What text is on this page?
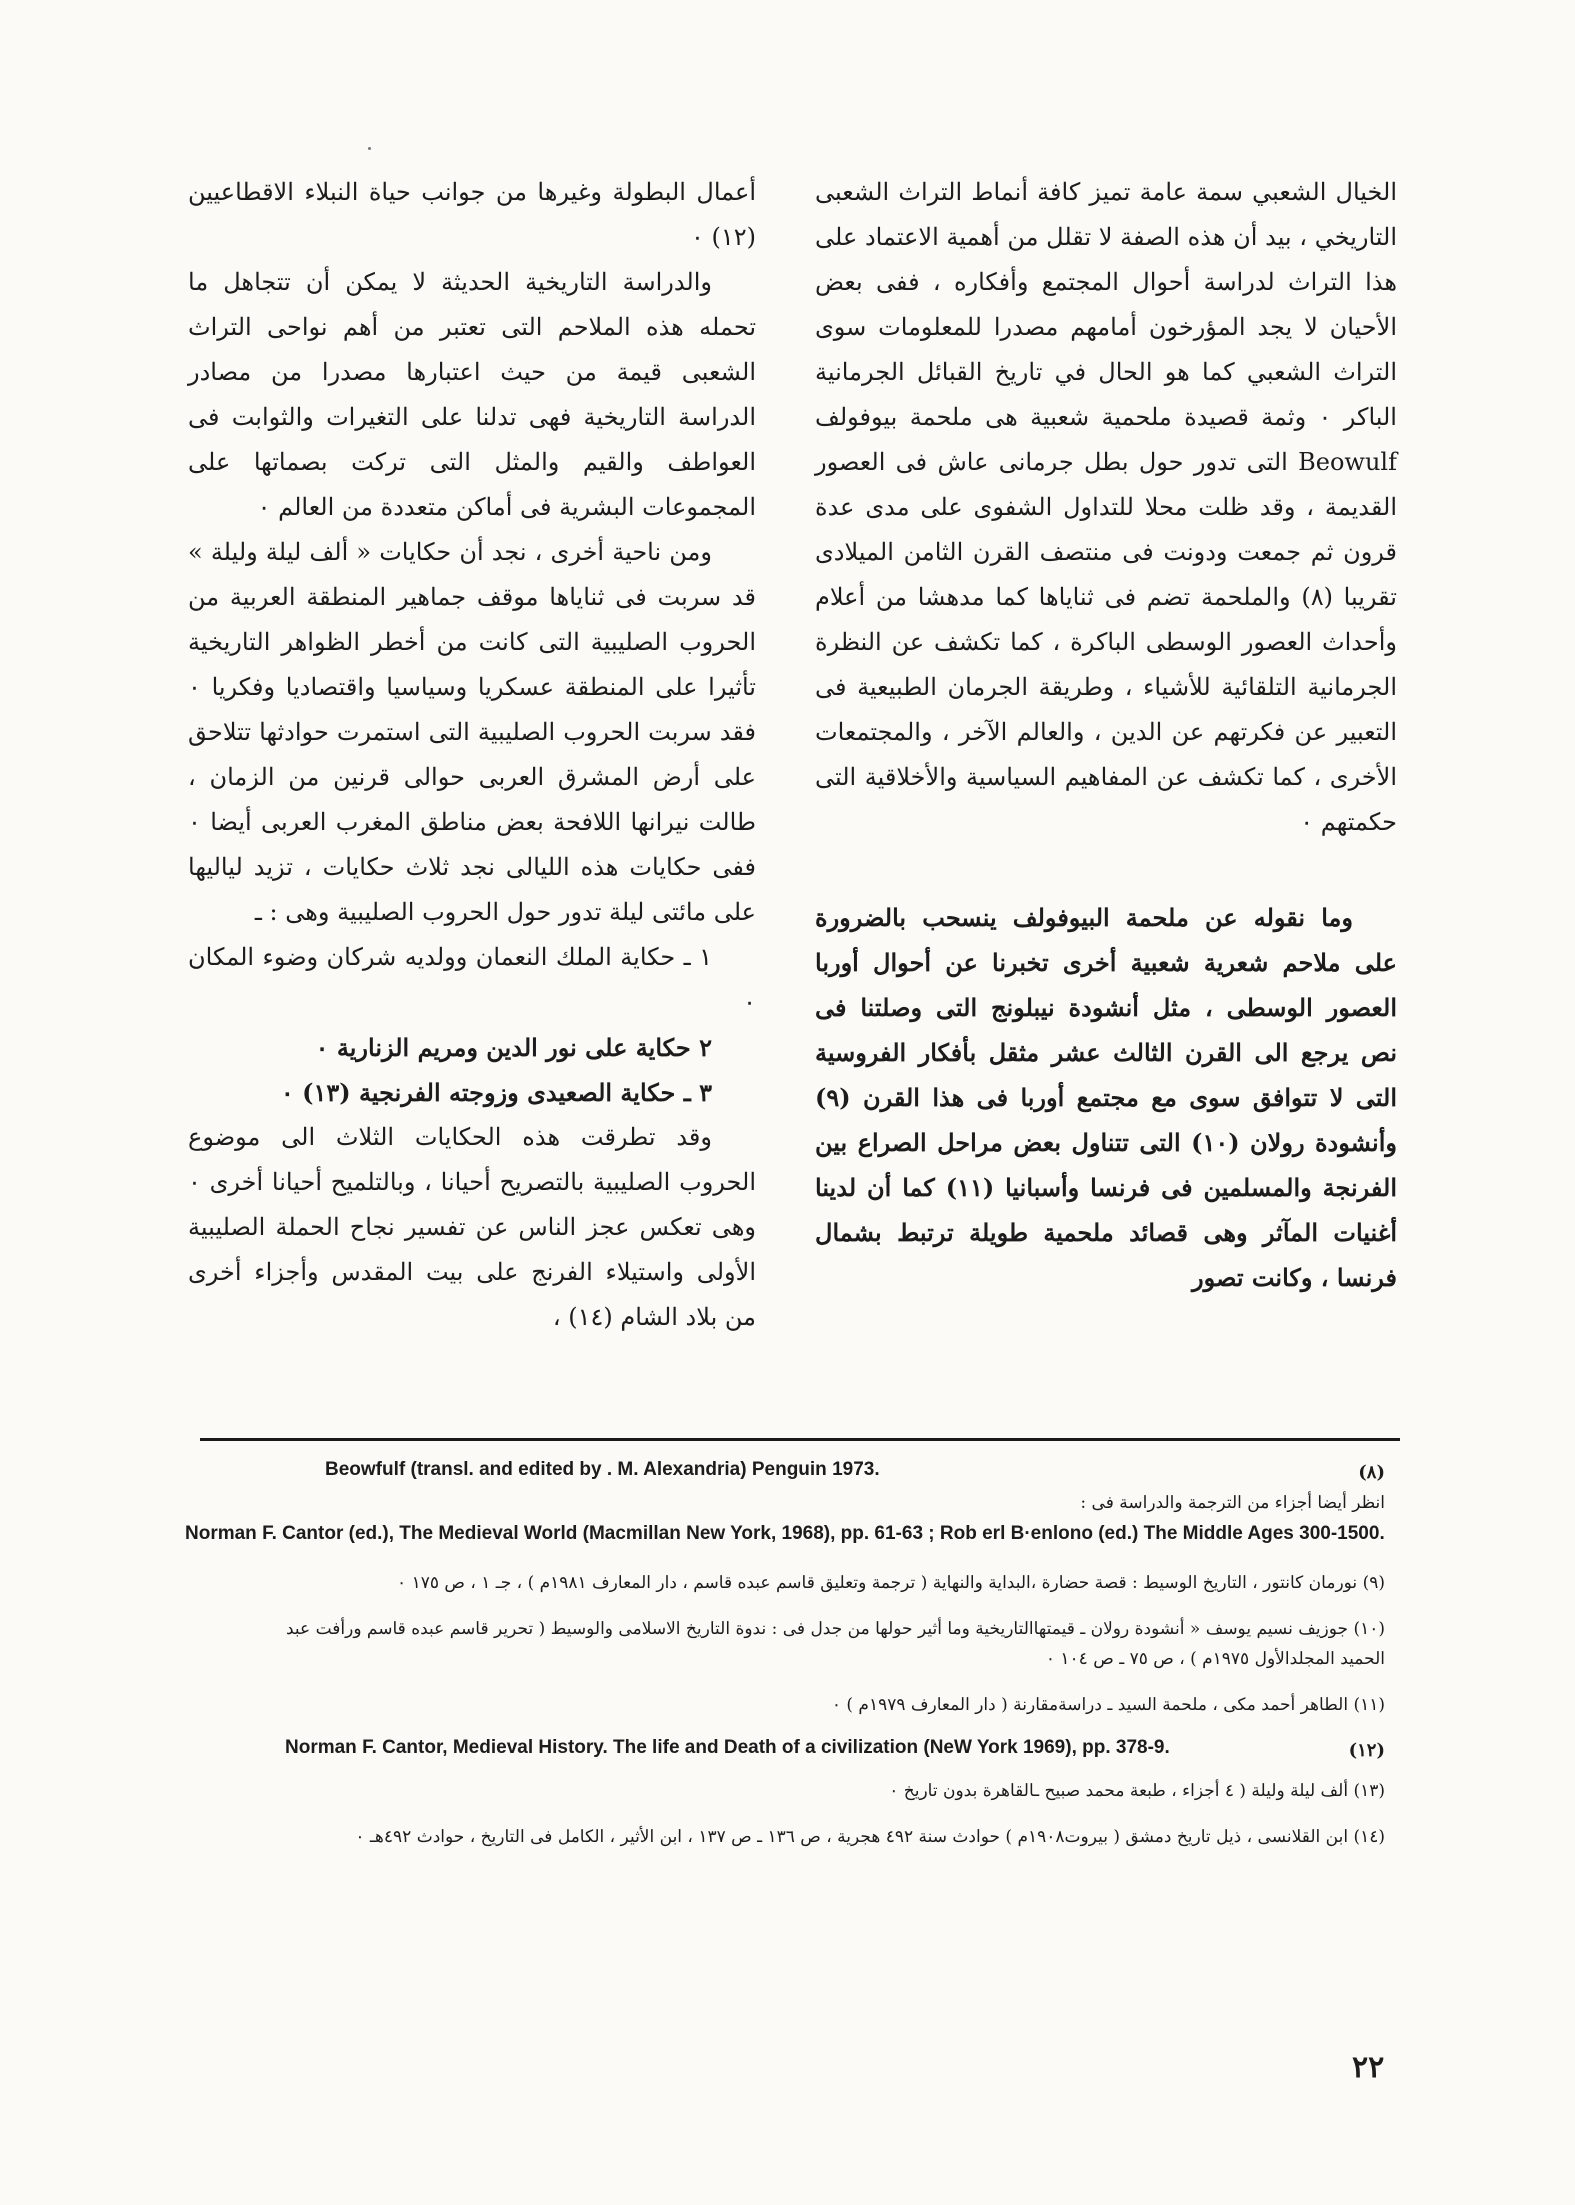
الخيال الشعبي سمة عامة تميز كافة أنماط التراث الشعبى التاريخي ، بيد أن هذه الصفة لا تقلل من أهمية الاعتماد على هذا التراث لدراسة أحوال المجتمع وأفكاره ، ففى بعض الأحيان لا يجد المؤرخون أمامهم مصدرا للمعلومات سوى التراث الشعبي كما هو الحال في تاريخ القبائل الجرمانية الباكر ٠ وثمة قصيدة ملحمية شعبية هى ملحمة بيوفولف Beowulf التى تدور حول بطل جرمانى عاش فى العصور القديمة ، وقد ظلت محلا للتداول الشفوى على مدى عدة قرون ثم جمعت ودونت فى منتصف القرن الثامن الميلادى تقريبا (٨) والملحمة تضم فى ثناياها كما مدهشا من أعلام وأحداث العصور الوسطى الباكرة ، كما تكشف عن النظرة الجرمانية التلقائية للأشياء ، وطريقة الجرمان الطبيعية فى التعبير عن فكرتهم عن الدين ، والعالم الآخر ، والمجتمعات الأخرى ، كما تكشف عن المفاهيم السياسية والأخلاقية التى حكمتهم ٠

وما نقوله عن ملحمة البيوفولف ينسحب بالضرورة على ملاحم شعرية شعبية أخرى تخبرنا عن أحوال أوربا العصور الوسطى ، مثل أنشودة نيبلونج التى وصلتنا فى نص يرجع الى القرن الثالث عشر مثقل بأفكار الفروسية التى لا تتوافق سوى مع مجتمع أوربا فى هذا القرن (٩) وأنشودة رولان (١٠) التى تتناول بعض مراحل الصراع بين الفرنجة والمسلمين فى فرنسا وأسبانيا (١١) كما أن لدينا أغنيات المآثر وهى قصائد ملحمية طويلة ترتبط بشمال فرنسا ، وكانت تصور

أعمال البطولة وغيرها من جوانب حياة النبلاء الاقطاعيين (١٢) ٠

والدراسة التاريخية الحديثة لا يمكن أن تتجاهل ما تحمله هذه الملاحم التى تعتبر من أهم نواحى التراث الشعبى قيمة من حيث اعتبارها مصدرا من مصادر الدراسة التاريخية فهى تدلنا على التغيرات والثوابت فى العواطف والقيم والمثل التى تركت بصماتها على المجموعات البشرية فى أماكن متعددة من العالم ٠

ومن ناحية أخرى ، نجد أن حكايات « ألف ليلة وليلة » قد سربت فى ثناياها موقف جماهير المنطقة العربية من الحروب الصليبية التى كانت من أخطر الظواهر التاريخية تأثيرا على المنطقة عسكريا وسياسيا واقتصاديا وفكريا ٠ فقد سربت الحروب الصليبية التى استمرت حوادثها تتلاحق على أرض المشرق العربى حوالى قرنين من الزمان ، طالت نيرانها اللافحة بعض مناطق المغرب العربى أيضا ٠ ففى حكايات هذه الليالى نجد ثلاث حكايات ، تزيد لياليها على مائتى ليلة تدور حول الحروب الصليبية وهى : ـ

١ ـ حكاية الملك النعمان وولديه شركان وضوء المكان ٠

٢ حكاية على نور الدين ومريم الزنارية ٠

٣ ـ حكاية الصعيدى وزوجته الفرنجية (١٣) ٠

وقد تطرقت هذه الحكايات الثلاث الى موضوع الحروب الصليبية بالتصريح أحيانا ، وبالتلميح أحيانا أخرى ٠ وهى تعكس عجز الناس عن تفسير نجاح الحملة الصليبية الأولى واستيلاء الفرنج على بيت المقدس وأجزاء أخرى من بلاد الشام (١٤) ،

(٨)

Beowfulf (transl. and edited by . M. Alexandria) Penguin 1973.

انظر أيضا أجزاء من الترجمة والدراسة فى :

Norman F. Cantor (ed.), The Medieval World (Macmillan New York, 1968), pp. 61-63 ; Rob erl B·enlono (ed.) The Middle Ages 300-1500.

(٩) نورمان كانتور ، التاريخ الوسيط : قصة حضارة ،البداية والنهاية ( ترجمة وتعليق قاسم عبده قاسم ، دار المعارف ١٩٨١م ) ، جـ ١ ، ص ١٧٥ ٠

(١٠) جوزيف نسيم يوسف « أنشودة رولان ـ قيمتهاالتاريخية وما أثير حولها من جدل فى : ندوة التاريخ الاسلامى والوسيط ( تحرير قاسم عبده قاسم ورأفت عبد الحميد المجلدالأول ١٩٧٥م ) ، ص ٧٥ ـ ص ١٠٤ ٠

(١١) الطاهر أحمد مكى ، ملحمة السيد ـ دراسةمقارنة ( دار المعارف ١٩٧٩م ) ٠

(١٢)

Norman F. Cantor, Medieval History. The life and Death of a civilization (NeW York 1969), pp. 378-9.

(١٣) ألف ليلة وليلة ( ٤ أجزاء ، طبعة محمد صبيح ـالقاهرة بدون تاريخ ٠

(١٤) ابن القلانسى ، ذيل تاريخ دمشق ( بيروت١٩٠٨م ) حوادث سنة ٤٩٢ هجرية ، ص ١٣٦ ـ ص ١٣٧ ، ابن الأثير ، الكامل فى التاريخ ، حوادث ٤٩٢هـ ٠

٢٢
